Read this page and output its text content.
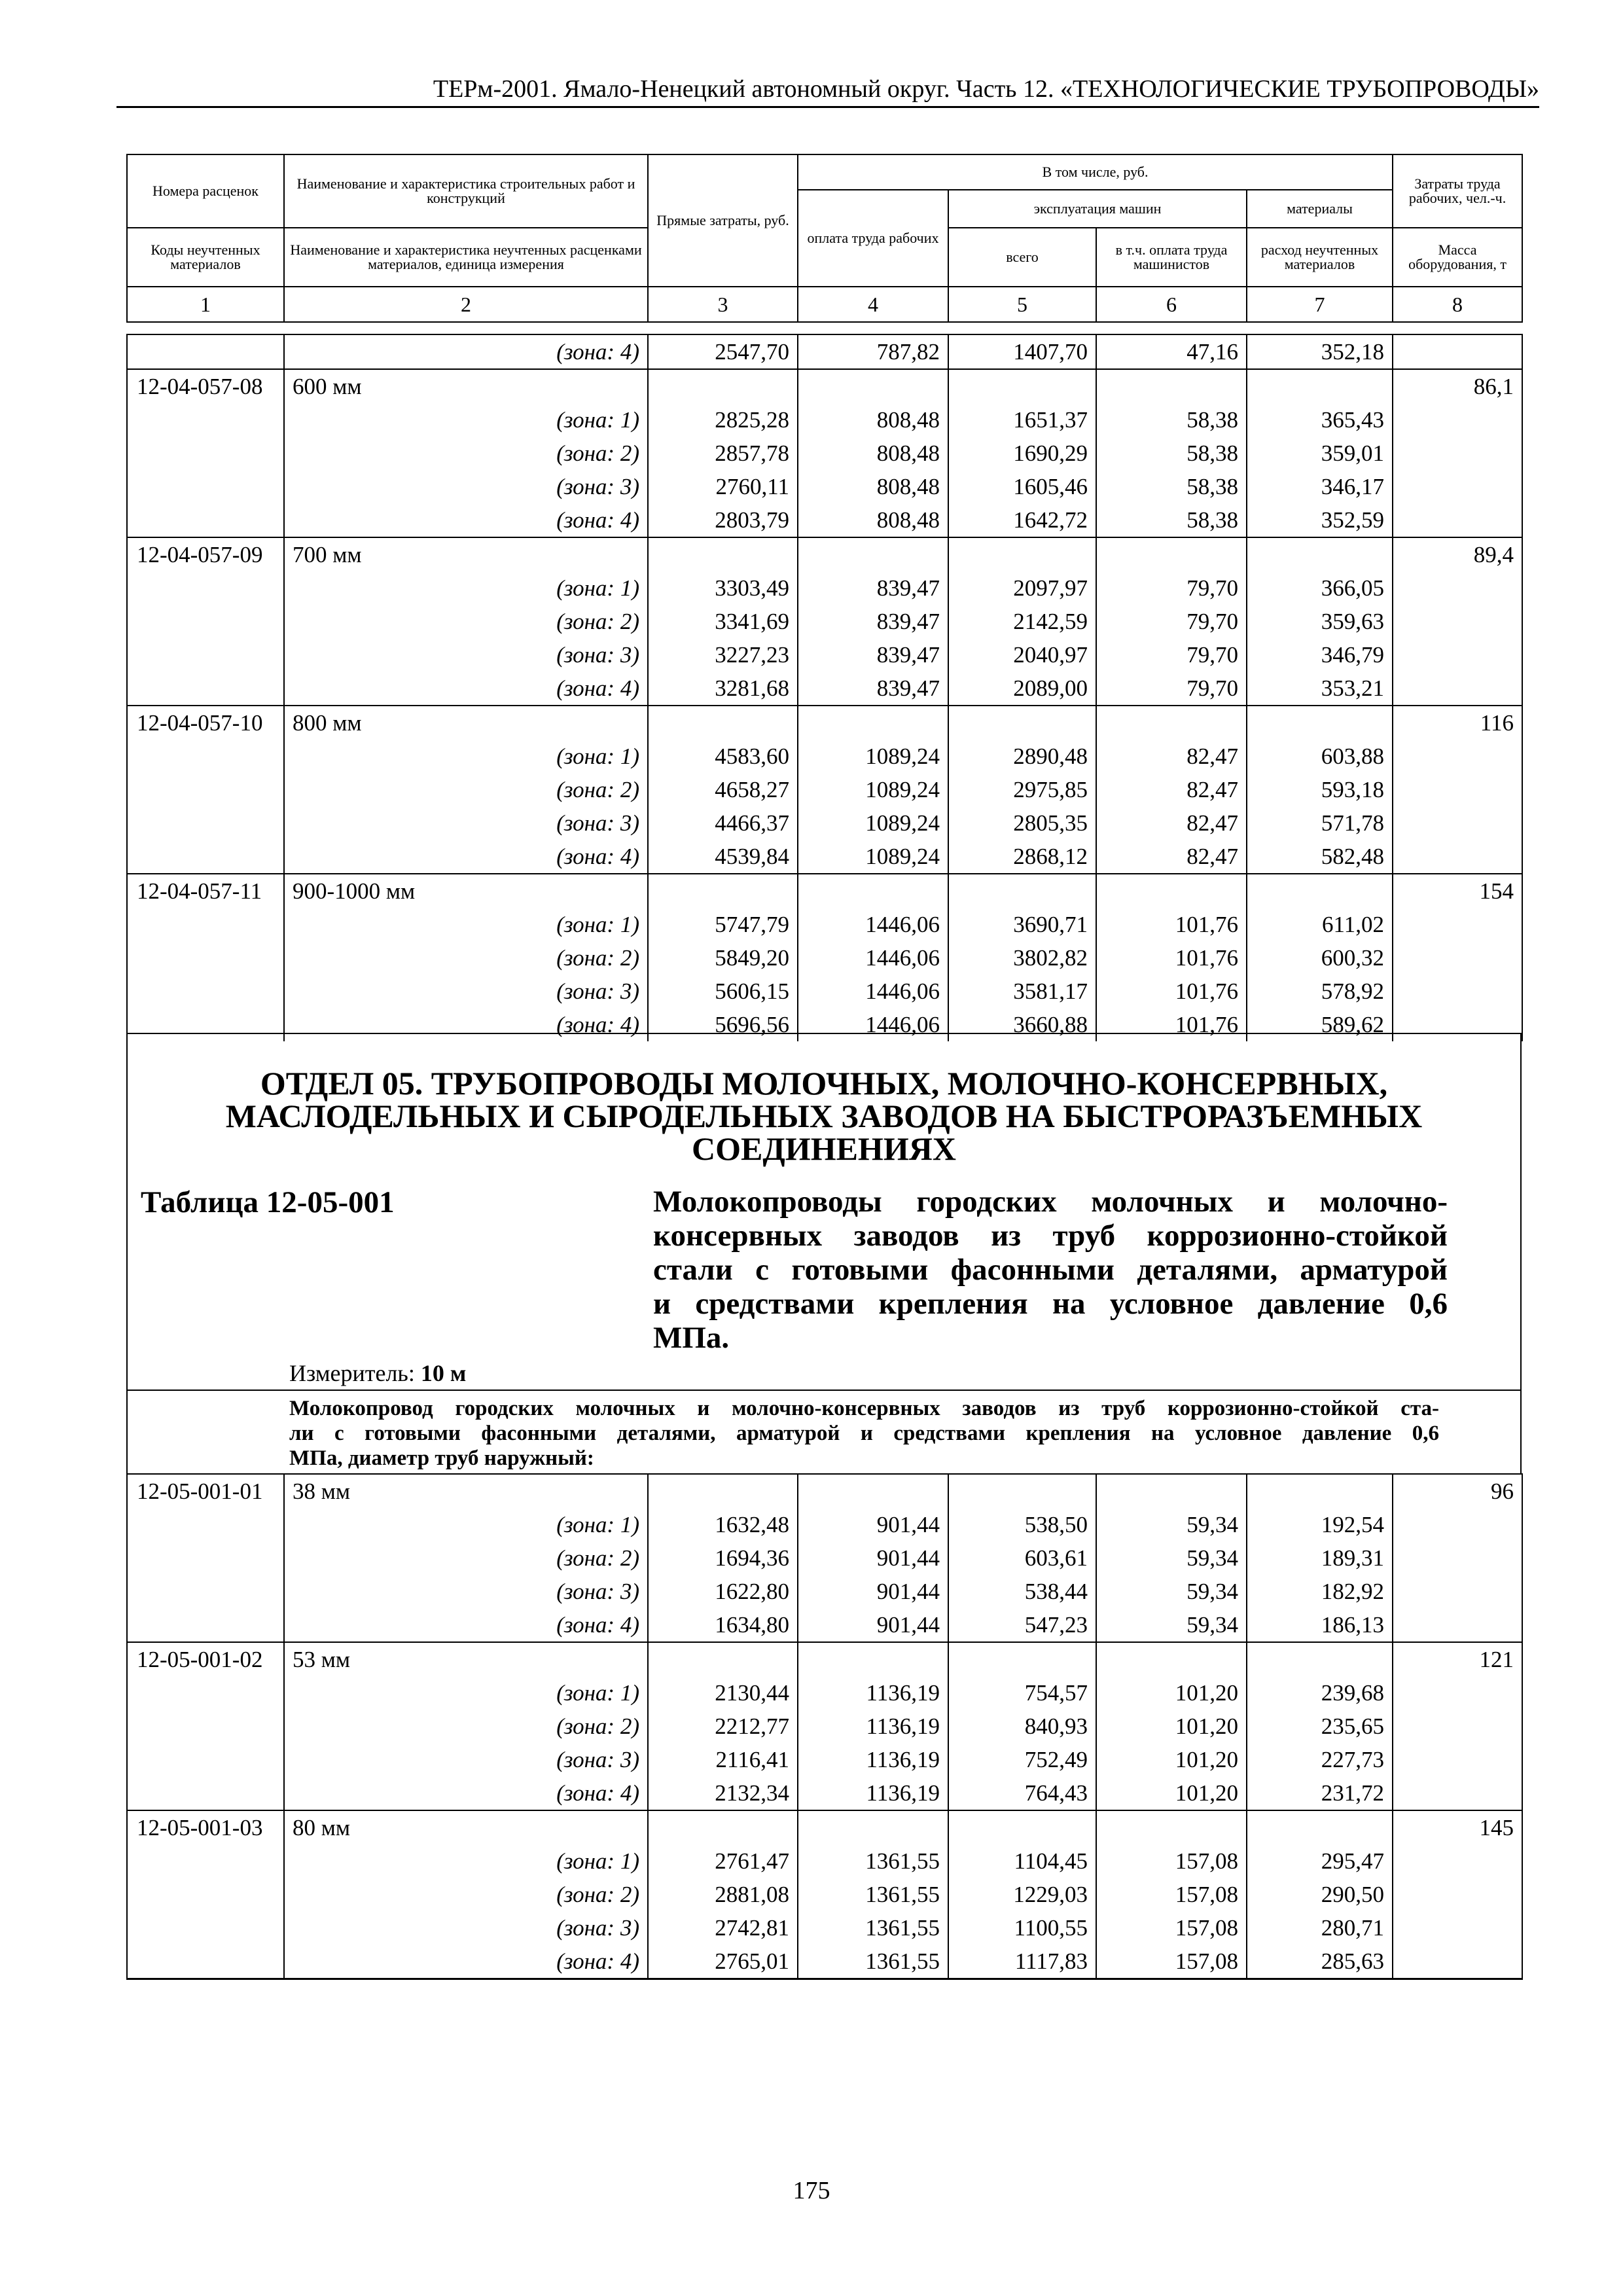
ТЕРм-2001. Ямало-Ненецкий автономный округ. Часть 12. «ТЕХНОЛОГИЧЕСКИЕ ТРУБОПРОВОДЫ»
Номера расценок	Наименование и характеристика строительных работ и конструкций	Прямые затраты, руб.	В том числе, руб.				Затраты труда рабочих, чел.-ч.
			оплата труда рабочих	эксплуатация машин		материалы	
Коды неучтенных материалов	Наименование и характеристика неучтенных расценками материалов, единица измерения			всего	в т.ч. оплата труда машинистов	расход неучтенных материалов	Масса оборудования, т
1	2	3	4	5	6	7	8
	(зона: 4)	2547,70	787,82	1407,70	47,16	352,18	
12-04-057-08	600 мм						86,1
	(зона: 1)	2825,28	808,48	1651,37	58,38	365,43	
	(зона: 2)	2857,78	808,48	1690,29	58,38	359,01	
	(зона: 3)	2760,11	808,48	1605,46	58,38	346,17	
	(зона: 4)	2803,79	808,48	1642,72	58,38	352,59	
12-04-057-09	700 мм						89,4
	(зона: 1)	3303,49	839,47	2097,97	79,70	366,05	
	(зона: 2)	3341,69	839,47	2142,59	79,70	359,63	
	(зона: 3)	3227,23	839,47	2040,97	79,70	346,79	
	(зона: 4)	3281,68	839,47	2089,00	79,70	353,21	
12-04-057-10	800 мм						116
	(зона: 1)	4583,60	1089,24	2890,48	82,47	603,88	
	(зона: 2)	4658,27	1089,24	2975,85	82,47	593,18	
	(зона: 3)	4466,37	1089,24	2805,35	82,47	571,78	
	(зона: 4)	4539,84	1089,24	2868,12	82,47	582,48	
12-04-057-11	900-1000 мм						154
	(зона: 1)	5747,79	1446,06	3690,71	101,76	611,02	
	(зона: 2)	5849,20	1446,06	3802,82	101,76	600,32	
	(зона: 3)	5606,15	1446,06	3581,17	101,76	578,92	
	(зона: 4)	5696,56	1446,06	3660,88	101,76	589,62	
ОТДЕЛ 05. ТРУБОПРОВОДЫ МОЛОЧНЫХ, МОЛОЧНО-КОНСЕРВНЫХ,
МАСЛОДЕЛЬНЫХ И СЫРОДЕЛЬНЫХ ЗАВОДОВ НА БЫСТРОРАЗЪЕМНЫХ
СОЕДИНЕНИЯХ
Таблица 12-05-001	Молокопроводы городских молочных и молочно-
консервных заводов из труб коррозионно-стойкой
стали с готовыми фасонными деталями, арматурой
и средствами крепления на условное давление 0,6
МПа.
Измеритель: 10 м
Молокопровод городских молочных и молочно-консервных заводов из труб коррозионно-стойкой ста-
ли с готовыми фасонными деталями, арматурой и средствами крепления на условное давление 0,6
МПа, диаметр труб наружный:
12-05-001-01	38 мм						96
	(зона: 1)	1632,48	901,44	538,50	59,34	192,54	
	(зона: 2)	1694,36	901,44	603,61	59,34	189,31	
	(зона: 3)	1622,80	901,44	538,44	59,34	182,92	
	(зона: 4)	1634,80	901,44	547,23	59,34	186,13	
12-05-001-02	53 мм						121
	(зона: 1)	2130,44	1136,19	754,57	101,20	239,68	
	(зона: 2)	2212,77	1136,19	840,93	101,20	235,65	
	(зона: 3)	2116,41	1136,19	752,49	101,20	227,73	
	(зона: 4)	2132,34	1136,19	764,43	101,20	231,72	
12-05-001-03	80 мм						145
	(зона: 1)	2761,47	1361,55	1104,45	157,08	295,47	
	(зона: 2)	2881,08	1361,55	1229,03	157,08	290,50	
	(зона: 3)	2742,81	1361,55	1100,55	157,08	280,71	
	(зона: 4)	2765,01	1361,55	1117,83	157,08	285,63	
175
